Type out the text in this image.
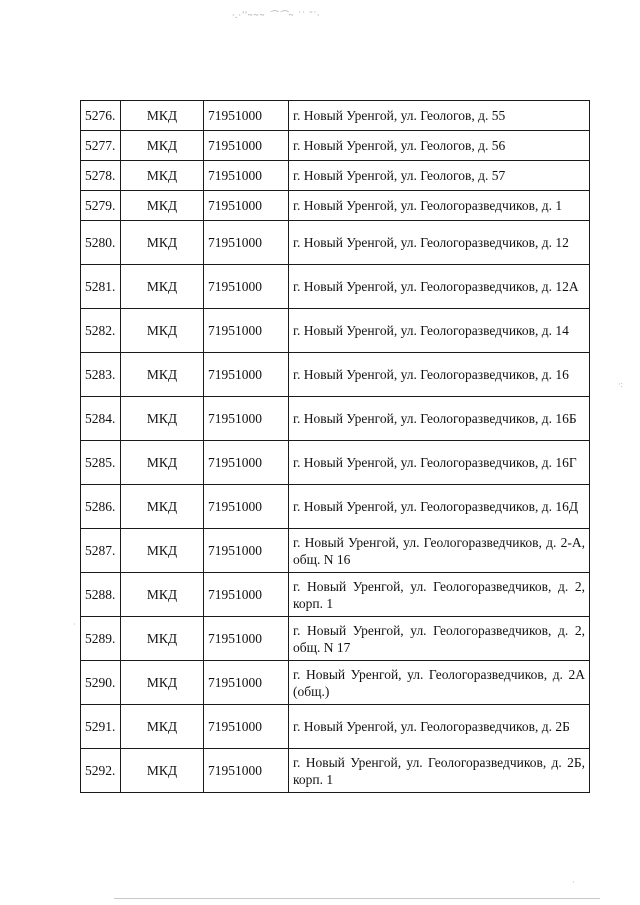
·.·''~~~ ⌒⌒~ ˙˙ ˜˙·
·:
·
·
5276.	МКД	71951000	г. Новый Уренгой, ул. Геологов, д. 55
5277.	МКД	71951000	г. Новый Уренгой, ул. Геологов, д. 56
5278.	МКД	71951000	г. Новый Уренгой, ул. Геологов, д. 57
5279.	МКД	71951000	г. Новый Уренгой, ул. Геологоразведчиков, д. 1
5280.	МКД	71951000	г. Новый Уренгой, ул. Геологоразведчиков, д. 12
5281.	МКД	71951000	г. Новый Уренгой, ул. Геологоразведчиков, д. 12А
5282.	МКД	71951000	г. Новый Уренгой, ул. Геологоразведчиков, д. 14
5283.	МКД	71951000	г. Новый Уренгой, ул. Геологоразведчиков, д. 16
5284.	МКД	71951000	г. Новый Уренгой, ул. Геологоразведчиков, д. 16Б
5285.	МКД	71951000	г. Новый Уренгой, ул. Геологоразведчиков, д. 16Г
5286.	МКД	71951000	г. Новый Уренгой, ул. Геологоразведчиков, д. 16Д
5287.	МКД	71951000	г. Новый Уренгой, ул. Геологоразведчиков, д. 2-А, общ. N 16
5288.	МКД	71951000	г. Новый Уренгой, ул. Геологоразведчиков, д. 2, корп. 1
5289.	МКД	71951000	г. Новый Уренгой, ул. Геологоразведчиков, д. 2, общ. N 17
5290.	МКД	71951000	г. Новый Уренгой, ул. Геологоразведчиков, д. 2А (общ.)
5291.	МКД	71951000	г. Новый Уренгой, ул. Геологоразведчиков, д. 2Б
5292.	МКД	71951000	г. Новый Уренгой, ул. Геологоразведчиков, д. 2Б, корп. 1
